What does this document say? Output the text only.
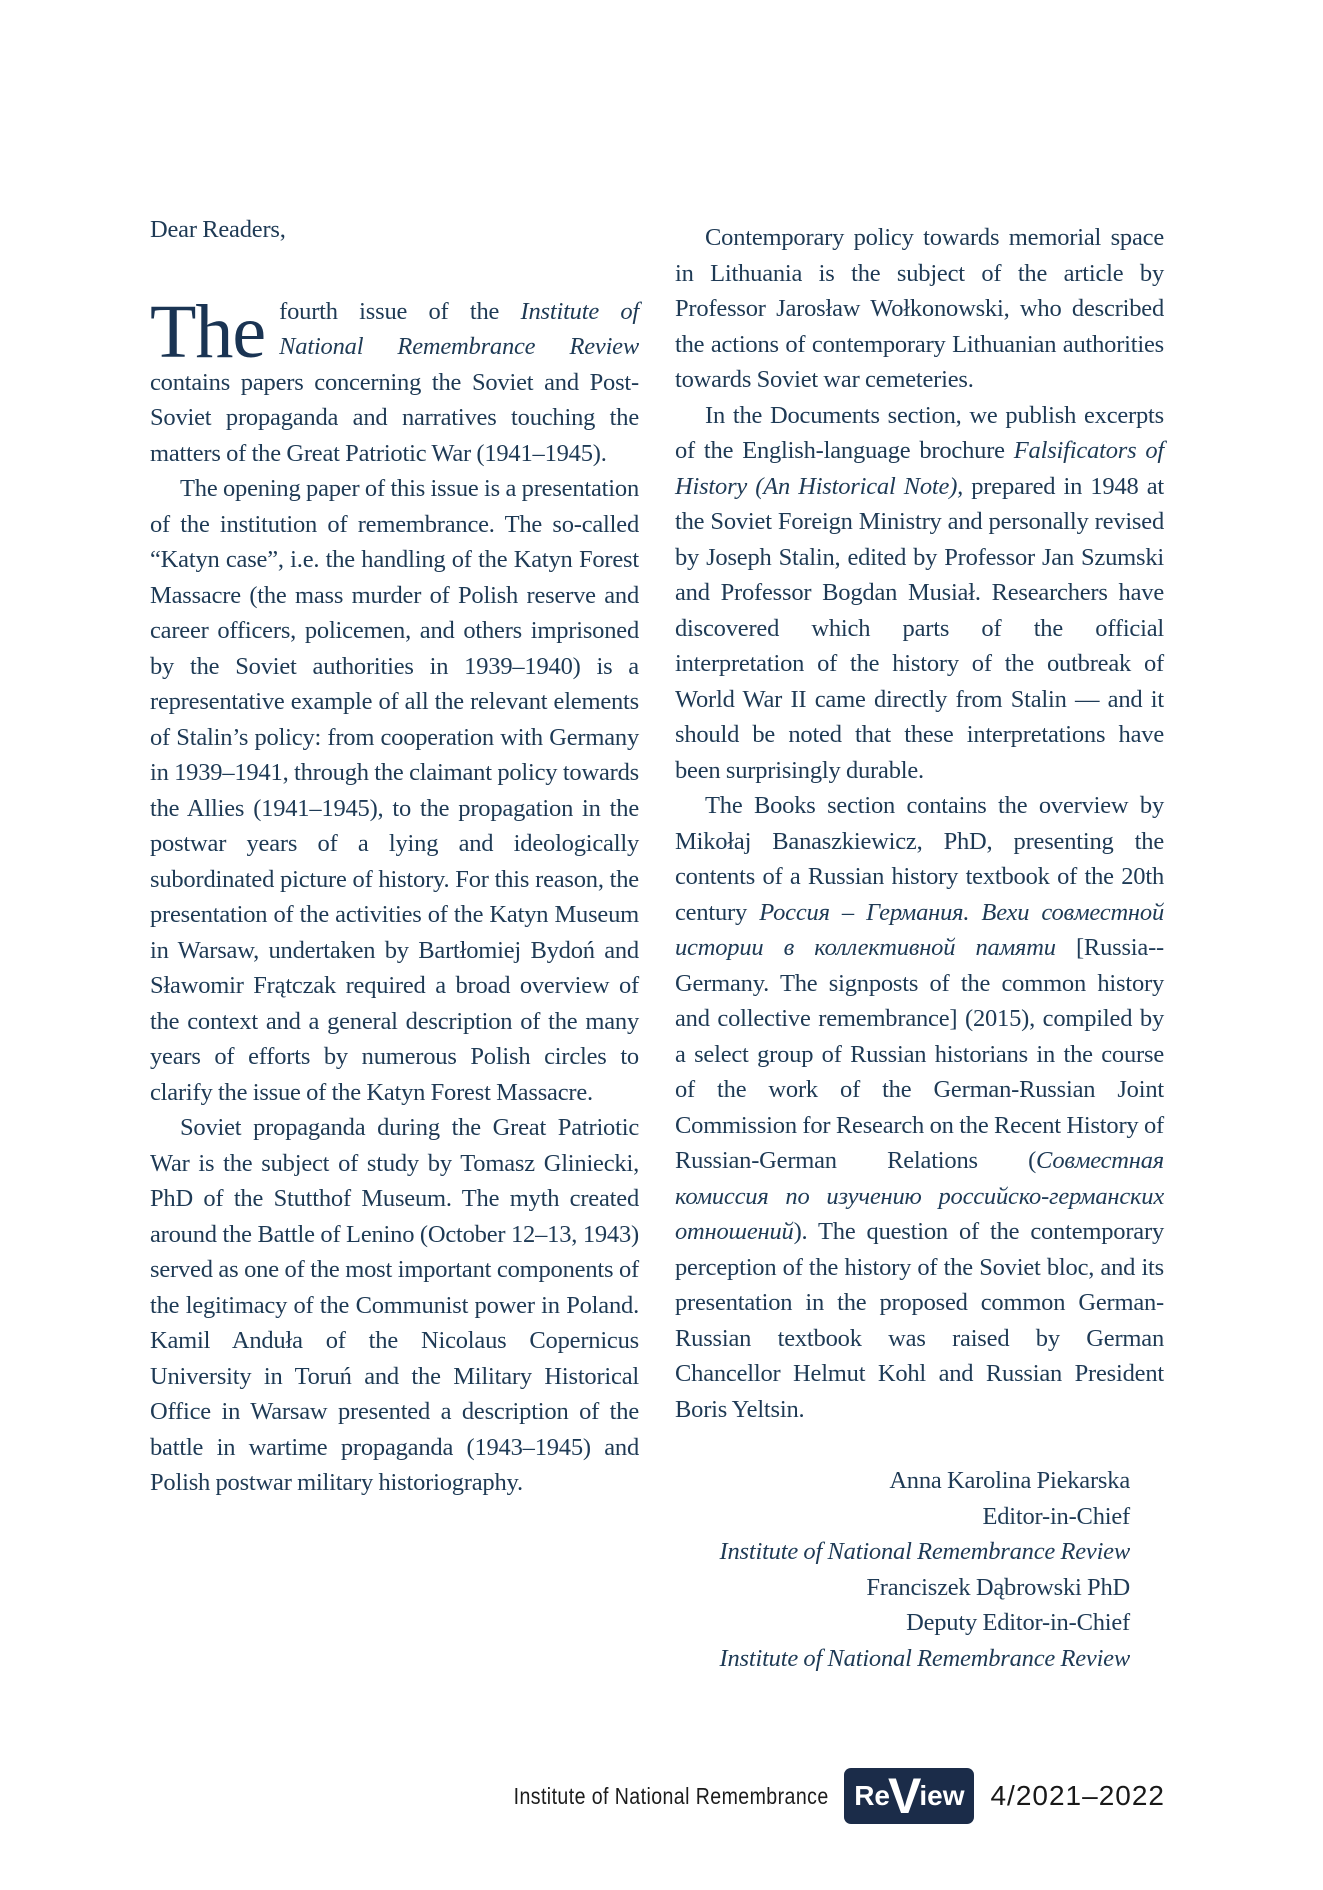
Dear Readers,

The fourth issue of the Institute of National Remembrance Review contains papers concerning the Soviet and Post-Soviet propaganda and narratives touching the matters of the Great Patriotic War (1941–1945).

The opening paper of this issue is a presentation of the institution of remembrance. The so-called “Katyn case”, i.e. the handling of the Katyn Forest Massacre (the mass murder of Polish reserve and career officers, policemen, and others imprisoned by the Soviet authorities in 1939–1940) is a representative example of all the relevant elements of Stalin’s policy: from cooperation with Germany in 1939–1941, through the claimant policy towards the Allies (1941–1945), to the propagation in the postwar years of a lying and ideologically subordinated picture of history. For this reason, the presentation of the activities of the Katyn Museum in Warsaw, undertaken by Bartłomiej Bydoń and Sławomir Frątczak required a broad overview of the context and a general description of the many years of efforts by numerous Polish circles to clarify the issue of the Katyn Forest Massacre.

Soviet propaganda during the Great Patriotic War is the subject of study by Tomasz Gliniecki, PhD of the Stutthof Museum. The myth created around the Battle of Lenino (October 12–13, 1943) served as one of the most important components of the legitimacy of the Communist power in Poland. Kamil Anduła of the Nicolaus Copernicus University in Toruń and the Military Historical Office in Warsaw presented a description of the battle in wartime propaganda (1943–1945) and Polish postwar military historiography.

Contemporary policy towards memorial space in Lithuania is the subject of the article by Professor Jarosław Wołkonowski, who described the actions of contemporary Lithuanian authorities towards Soviet war cemeteries.

In the Documents section, we publish excerpts of the English-language brochure Falsificators of History (An Historical Note), prepared in 1948 at the Soviet Foreign Ministry and personally revised by Joseph Stalin, edited by Professor Jan Szumski and Professor Bogdan Musiał. Researchers have discovered which parts of the official interpretation of the history of the outbreak of World War II came directly from Stalin — and it should be noted that these interpretations have been surprisingly durable.

The Books section contains the overview by Mikołaj Banaszkiewicz, PhD, presenting the contents of a Russian history textbook of the 20th century Россия – Германия. Вехи совместной истории в коллективной памяти [Russia--Germany. The signposts of the common history and collective remembrance] (2015), compiled by a select group of Russian historians in the course of the work of the German-Russian Joint Commission for Research on the Recent History of Russian-German Relations (Совместная комиссия по изучению российско-германских отношений). The question of the contemporary perception of the history of the Soviet bloc, and its presentation in the proposed common German-Russian textbook was raised by German Chancellor Helmut Kohl and Russian President Boris Yeltsin.

Anna Karolina Piekarska
Editor-in-Chief
Institute of National Remembrance Review
Franciszek Dąbrowski PhD
Deputy Editor-in-Chief
Institute of National Remembrance Review
Institute of National Remembrance Re
V
iew 4/2021–2022
